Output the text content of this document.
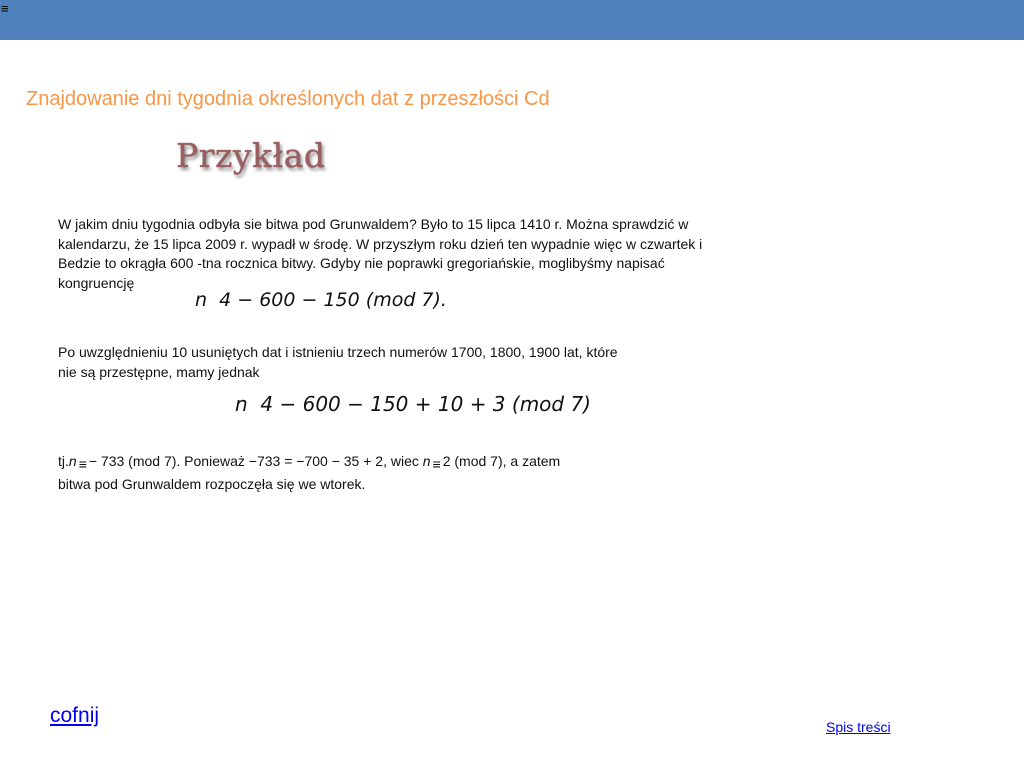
≡
Znajdowanie dni tygodnia określonych dat z przeszłości Cd
Przykład
W jakim dniu tygodnia odbyła sie bitwa pod Grunwaldem? Było to 15 lipca 1410 r. Można sprawdzić w
kalendarzu, że 15 lipca 2009 r. wypadł w środę. W przyszłym roku dzień ten wypadnie więc w czwartek i
Bedzie to okrągła 600 -tna rocznica bitwy. Gdyby nie poprawki gregoriańskie, moglibyśmy napisać
kongruencję
n  4 − 600 − 150 (mod 7).
Po uwzględnieniu 10 usuniętych dat i istnieniu trzech numerów 1700, 1800, 1900 lat, które
nie są przestępne, mamy jednak
n  4 − 600 − 150 + 10 + 3 (mod 7)
tj.n ≡ − 733 (mod 7). Ponieważ −733 = −700 − 35 + 2, wiec n ≡ 2 (mod 7), a zatem
bitwa pod Grunwaldem rozpoczęła się we wtorek.
cofnij	Spis treści
